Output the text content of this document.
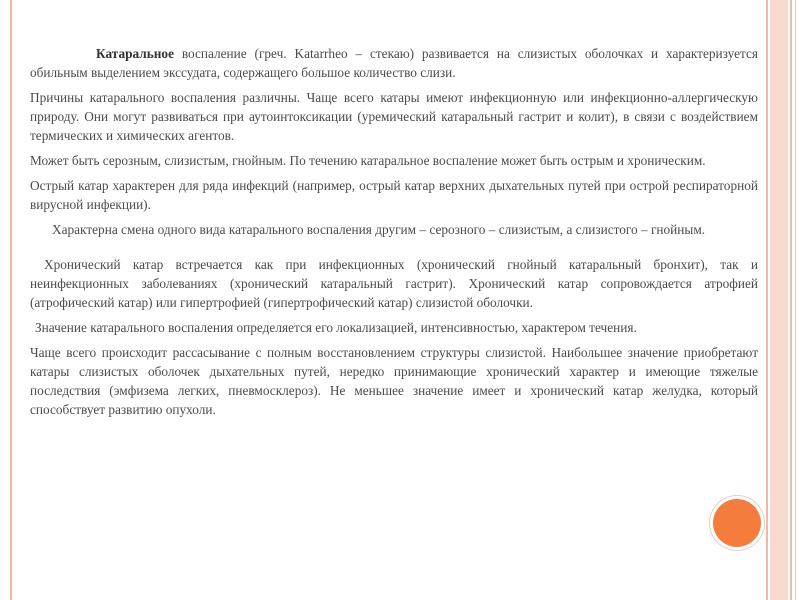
Катаральное воспаление (греч. Katarrheo – стекаю) развивается на слизистых оболочках и характеризуется обильным выделением экссудата, содержащего большое количество слизи.

Причины катарального воспаления различны. Чаще всего катары имеют инфекционную или инфекционно-аллергическую природу. Они могут развиваться при аутоинтоксикации (уремический катаральный гастрит и колит), в связи с воздействием термических и химических агентов.

Может быть серозным, слизистым, гнойным. По течению катаральное воспаление может быть острым и хроническим.

Острый катар характерен для ряда инфекций (например, острый катар верхних дыхательных путей при острой респираторной вирусной инфекции).

Характерна смена одного вида катарального воспаления другим – серозного – слизистым, а слизистого – гнойным.

Хронический катар встречается как при инфекционных (хронический гнойный катаральный бронхит), так и неинфекционных заболеваниях (хронический катаральный гастрит). Хронический катар сопровождается атрофией (атрофический катар) или гипертрофией (гипертрофический катар) слизистой оболочки.

Значение катарального воспаления определяется его локализацией, интенсивностью, характером течения.

Чаще всего происходит рассасывание с полным восстановлением структуры слизистой. Наибольшее значение приобретают катары слизистых оболочек дыхательных путей, нередко принимающие хронический характер и имеющие тяжелые последствия (эмфизема легких, пневмосклероз). Не меньшее значение имеет и хронический катар желудка, который способствует развитию опухоли.
